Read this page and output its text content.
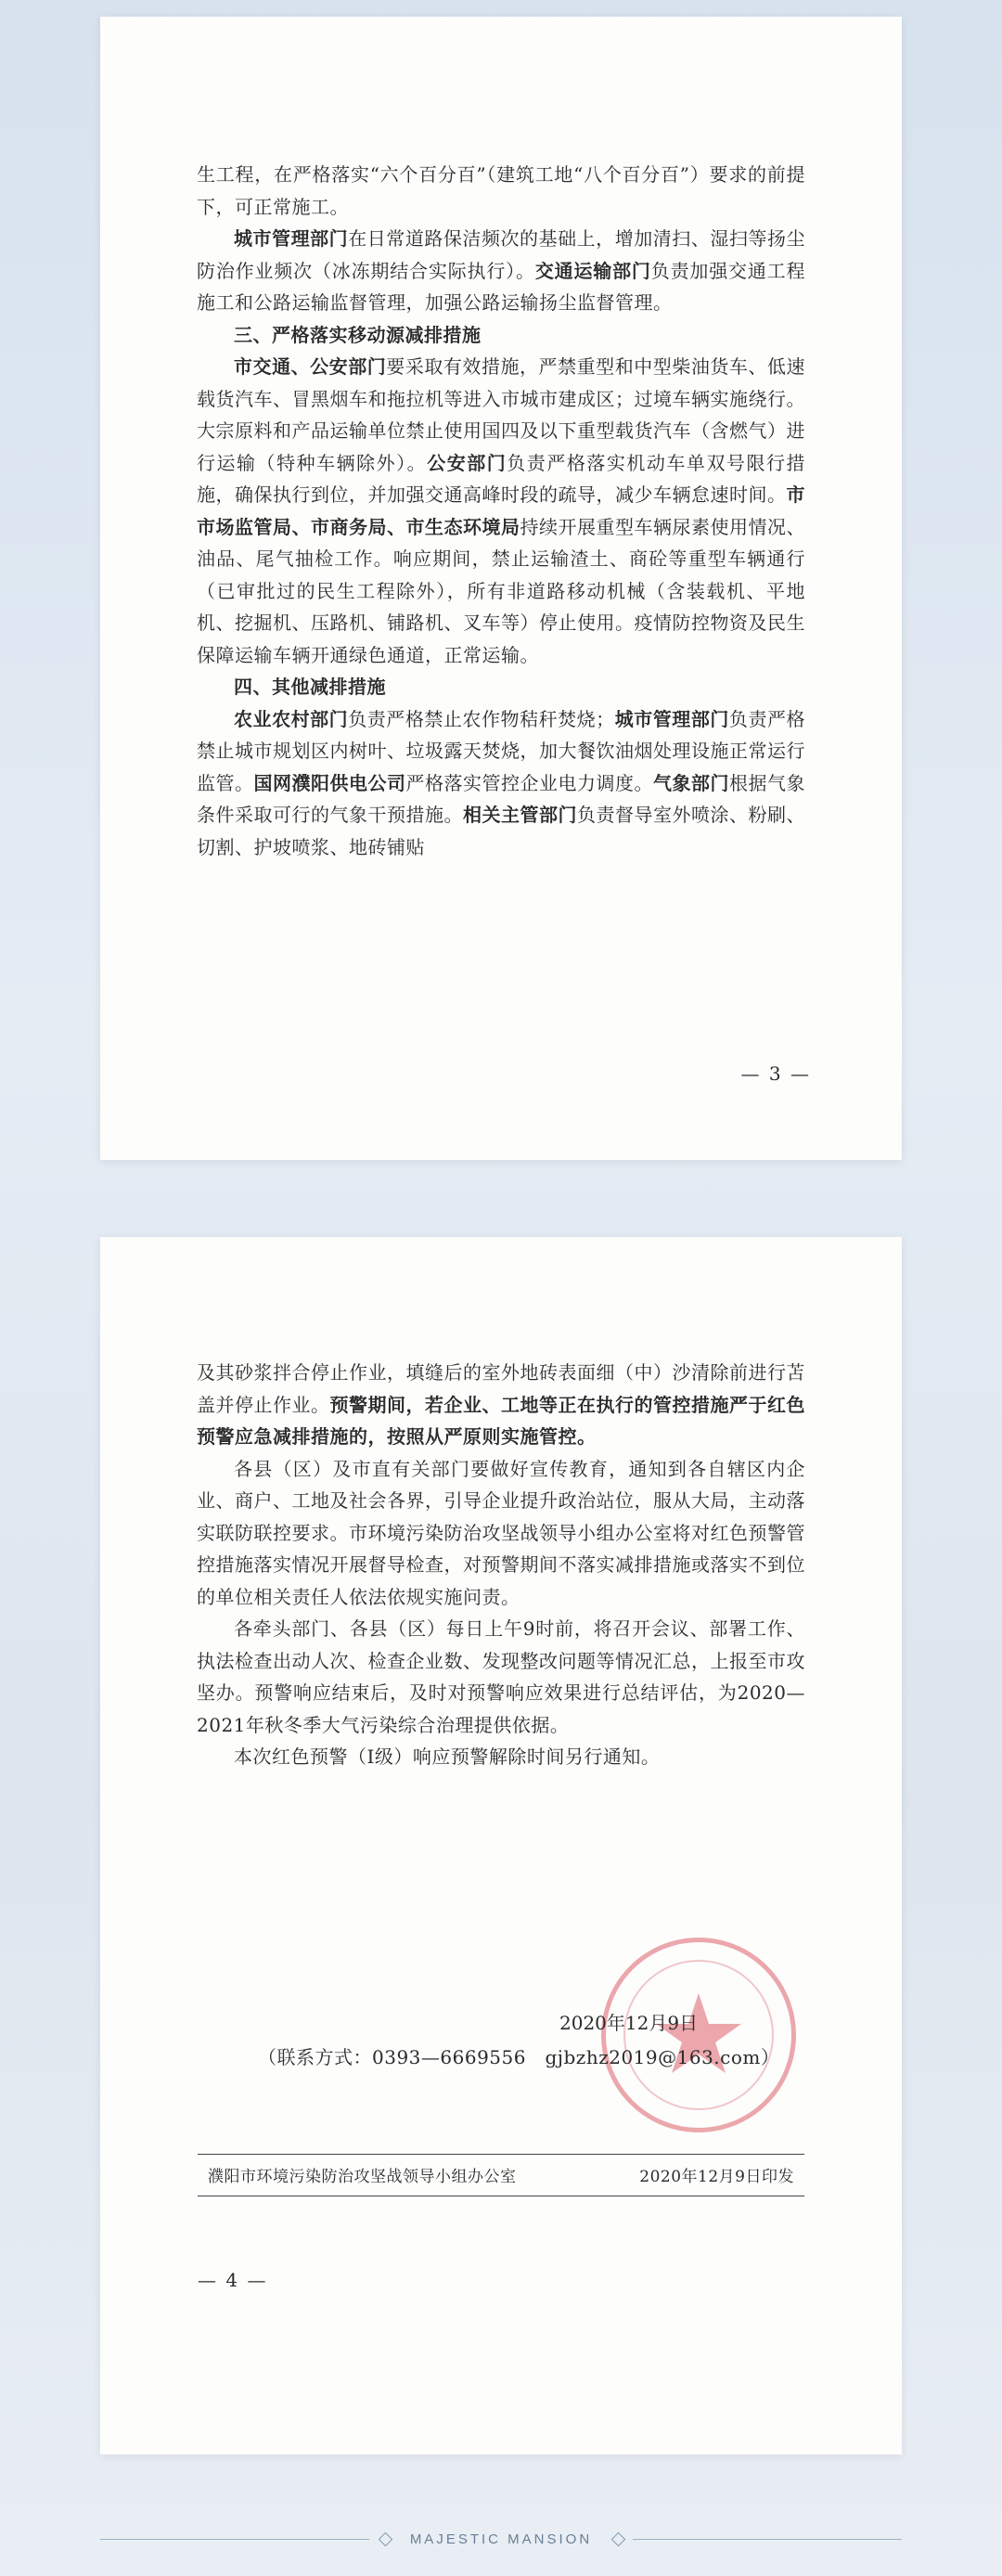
生工程，在严格落实“六个百分百”（建筑工地“八个百分百”）要求的前提下，可正常施工。

城市管理部门在日常道路保洁频次的基础上，增加清扫、湿扫等扬尘防治作业频次（冰冻期结合实际执行）。交通运输部门负责加强交通工程施工和公路运输监督管理，加强公路运输扬尘监督管理。

三、严格落实移动源减排措施

市交通、公安部门要采取有效措施，严禁重型和中型柴油货车、低速载货汽车、冒黑烟车和拖拉机等进入市城市建成区；过境车辆实施绕行。大宗原料和产品运输单位禁止使用国四及以下重型载货汽车（含燃气）进行运输（特种车辆除外）。公安部门负责严格落实机动车单双号限行措施，确保执行到位，并加强交通高峰时段的疏导，减少车辆怠速时间。市市场监管局、市商务局、市生态环境局持续开展重型车辆尿素使用情况、油品、尾气抽检工作。响应期间，禁止运输渣土、商砼等重型车辆通行（已审批过的民生工程除外），所有非道路移动机械（含装载机、平地机、挖掘机、压路机、铺路机、叉车等）停止使用。疫情防控物资及民生保障运输车辆开通绿色通道，正常运输。

四、其他减排措施

农业农村部门负责严格禁止农作物秸秆焚烧；城市管理部门负责严格禁止城市规划区内树叶、垃圾露天焚烧，加大餐饮油烟处理设施正常运行监管。国网濮阳供电公司严格落实管控企业电力调度。气象部门根据气象条件采取可行的气象干预措施。相关主管部门负责督导室外喷涂、粉刷、切割、护坡喷浆、地砖铺贴

— 3 —

及其砂浆拌合停止作业，填缝后的室外地砖表面细（中）沙清除前进行苫盖并停止作业。预警期间，若企业、工地等正在执行的管控措施严于红色预警应急减排措施的，按照从严原则实施管控。

各县（区）及市直有关部门要做好宣传教育，通知到各自辖区内企业、商户、工地及社会各界，引导企业提升政治站位，服从大局，主动落实联防联控要求。市环境污染防治攻坚战领导小组办公室将对红色预警管控措施落实情况开展督导检查，对预警期间不落实减排措施或落实不到位的单位相关责任人依法依规实施问责。

各牵头部门、各县（区）每日上午9时前，将召开会议、部署工作、执法检查出动人次、检查企业数、发现整改问题等情况汇总，上报至市攻坚办。预警响应结束后，及时对预警响应效果进行总结评估，为2020—2021年秋冬季大气污染综合治理提供依据。

本次红色预警（I级）响应预警解除时间另行通知。

2020年12月9日
（联系方式：0393—6669556　gjbzhz2019@163.com）
濮阳市环境污染防治攻坚战领导小组办公室	2020年12月9日印发
— 4 —
MAJESTIC MANSION
